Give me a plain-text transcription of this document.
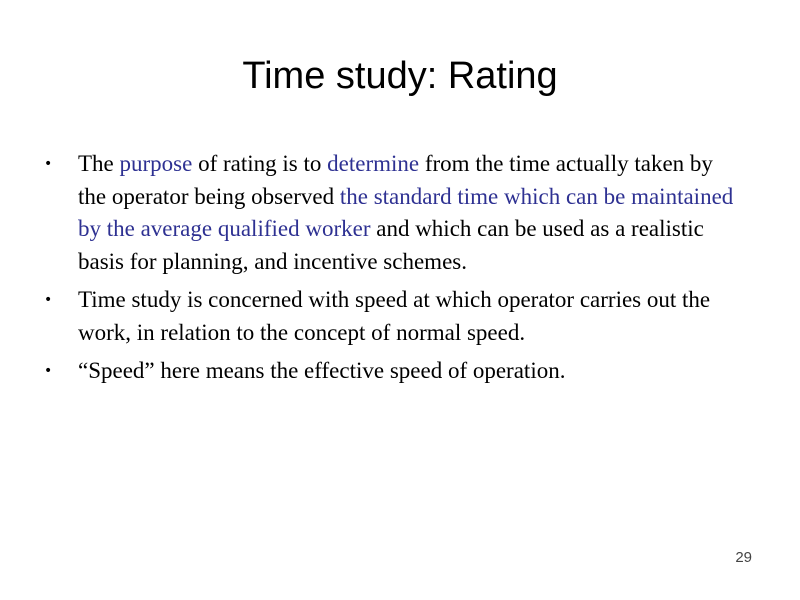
Time study: Rating
• The purpose of rating is to determine from the time actually taken by the operator being observed the standard time which can be maintained by the average qualified worker and which can be used as a realistic basis for planning, and incentive schemes.
• Time study is concerned with speed at which operator carries out the work, in relation to the concept of normal speed.
• “Speed” here means the effective speed of operation.
29
